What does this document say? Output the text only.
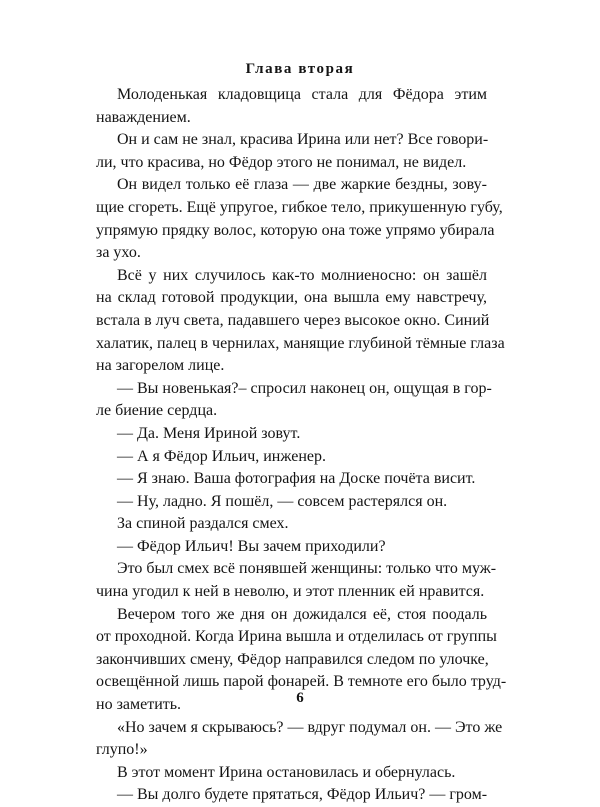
Глава вторая
Молоденькая кладовщица стала для Фёдора этим
наваждением.
Он и сам не знал, красива Ирина или нет? Все говори-
ли, что красива, но Фёдор этого не понимал, не видел.
Он видел только её глаза — две жаркие бездны, зову-
щие сгореть. Ещё упругое, гибкое тело, прикушенную губу,
упрямую прядку волос, которую она тоже упрямо убирала
за ухо.
Всё у них случилось как-то молниеносно: он зашёл
на склад готовой продукции, она вышла ему навстречу,
встала в луч света, падавшего через высокое окно. Синий
халатик, палец в чернилах, манящие глубиной тёмные глаза
на загорелом лице.
— Вы новенькая?– спросил наконец он, ощущая в гор-
ле биение сердца.
— Да. Меня Ириной зовут.
— А я Фёдор Ильич, инженер.
— Я знаю. Ваша фотография на Доске почёта висит.
— Ну, ладно. Я пошёл, — совсем растерялся он.
За спиной раздался смех.
— Фёдор Ильич! Вы зачем приходили?
Это был смех всё понявшей женщины: только что муж-
чина угодил к ней в неволю, и этот пленник ей нравится.
Вечером того же дня он дожидался её, стоя поодаль
от проходной. Когда Ирина вышла и отделилась от группы
закончивших смену, Фёдор направился следом по улочке,
освещённой лишь парой фонарей. В темноте его было труд-
но заметить.
«Но зачем я скрываюсь? — вдруг подумал он. — Это же
глупо!»
В этот момент Ирина остановилась и обернулась.
— Вы долго будете прятаться, Фёдор Ильич? — гром-
6
